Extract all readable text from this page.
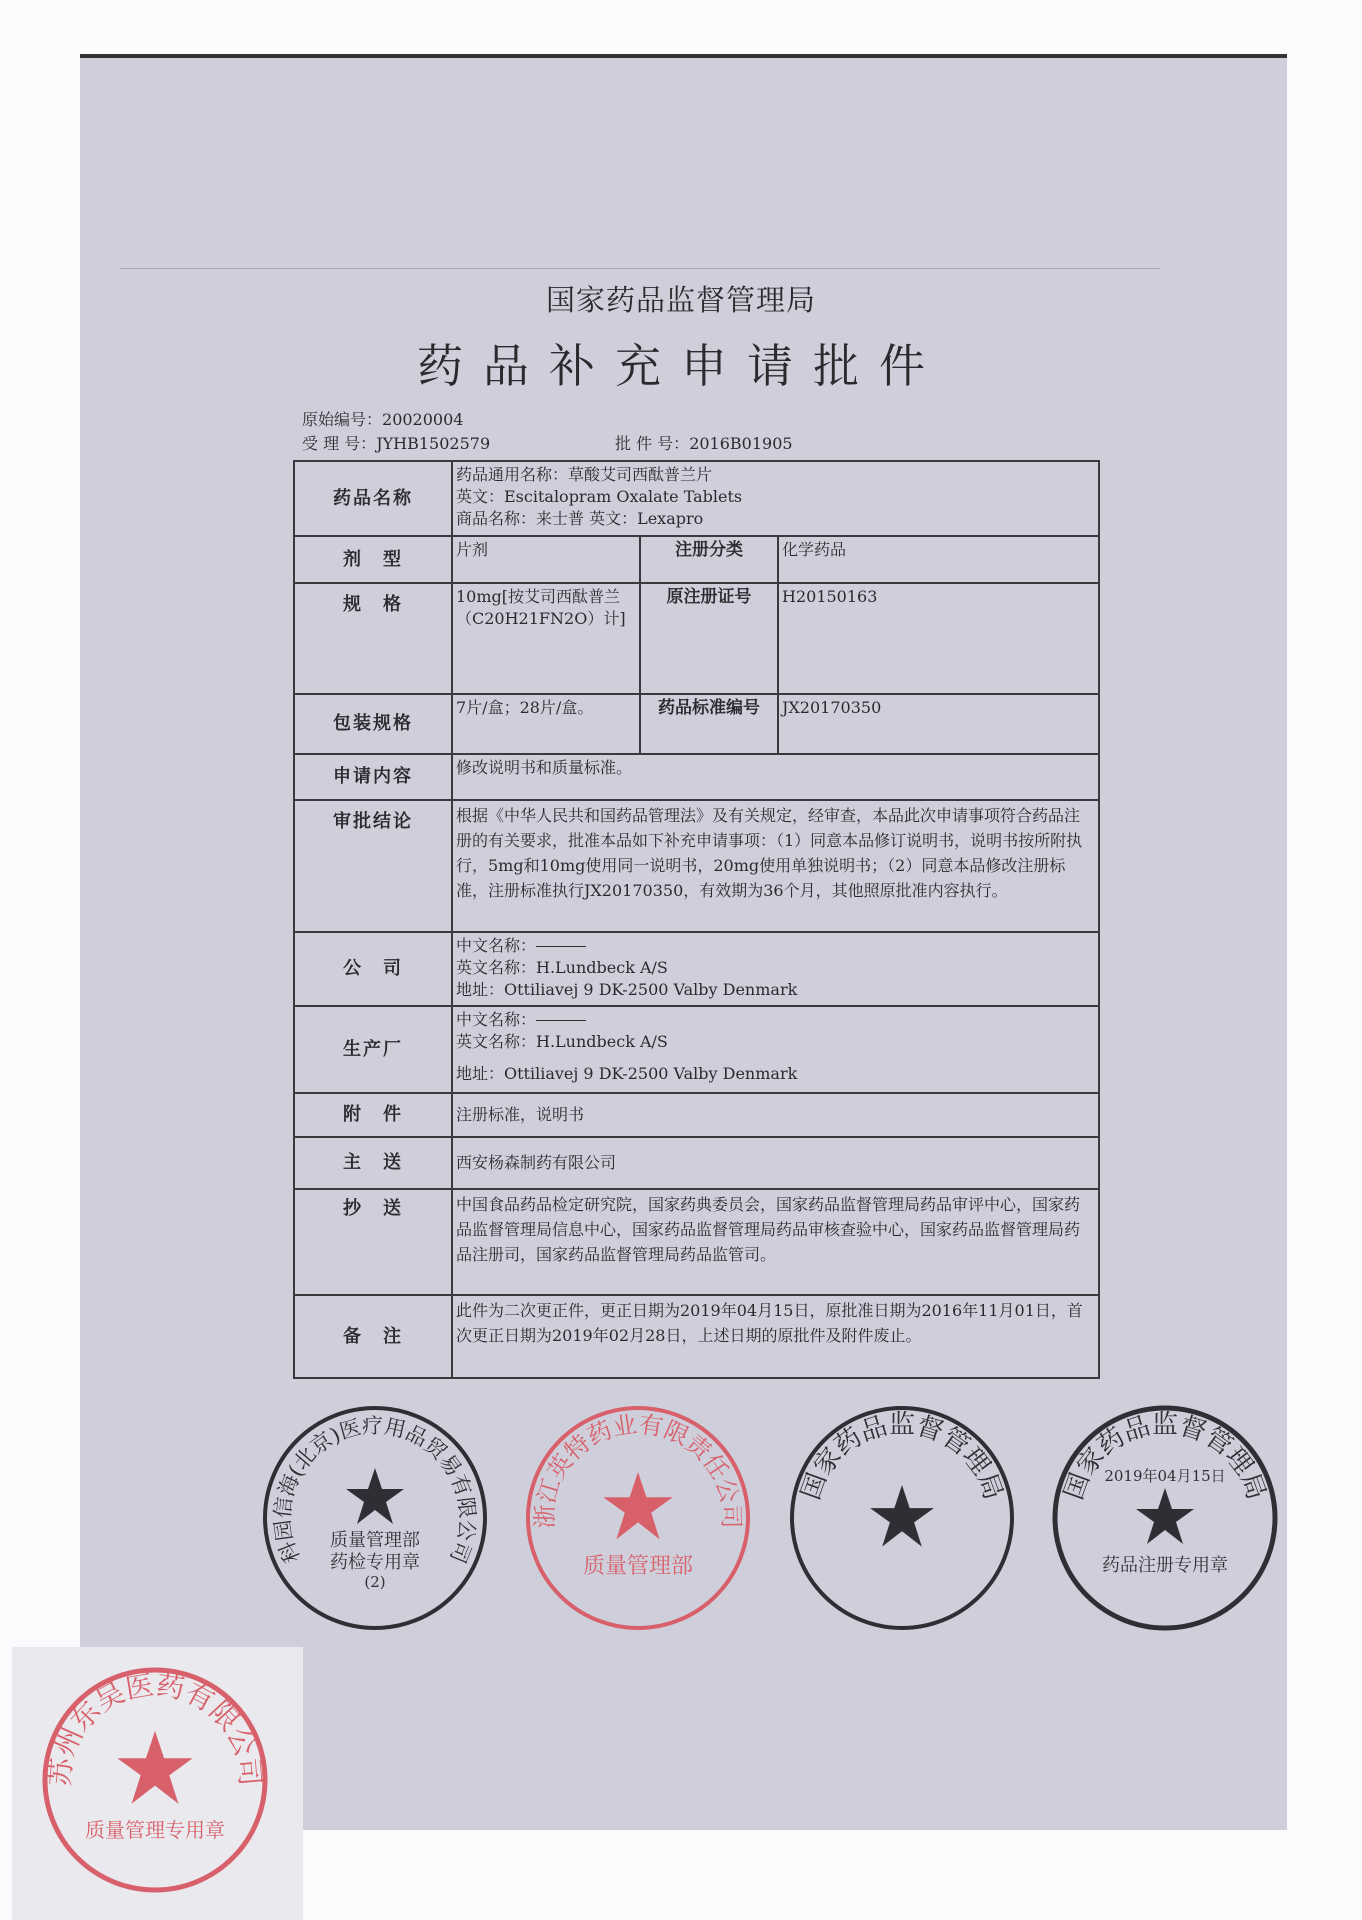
国家药品监督管理局
药品补充申请批件
原始编号：20020004
受 理 号：JYHB1502579	批 件 号：2016B01905
药品名称	药品通用名称：草酸艾司西酞普兰片
英文：Escitalopram Oxalate Tablets
商品名称：来士普 英文：Lexapro		

剂　型	片剂	注册分类	化学药品
规　格	10mg[按艾司西酞普兰（C20H21FN2O）计]	原注册证号	H20150163
包装规格	7片/盒；28片/盒。	药品标准编号	JX20170350
申请内容	修改说明书和质量标准。		
审批结论	根据《中华人民共和国药品管理法》及有关规定，经审查，本品此次申请事项符合药品注册的有关要求，批准本品如下补充申请事项：（1）同意本品修订说明书，说明书按所附执行，5mg和10mg使用同一说明书，20mg使用单独说明书；（2）同意本品修改注册标准，注册标准执行JX20170350，有效期为36个月，其他照原批准内容执行。		
公　司	中文名称：
英文名称：H.Lundbeck A/S
地址：Ottiliavej 9 DK-2500 Valby Denmark		

生产厂	中文名称：
英文名称：H.Lundbeck A/S
地址：Ottiliavej 9 DK-2500 Valby Denmark		

附　件	注册标准，说明书		
主　送	西安杨森制药有限公司		
抄　送	中国食品药品检定研究院，国家药典委员会，国家药品监督管理局药品审评中心，国家药品监督管理局信息中心，国家药品监督管理局药品审核查验中心，国家药品监督管理局药品注册司，国家药品监督管理局药品监管司。		
备　注	此件为二次更正件，更正日期为2019年04月15日，原批准日期为2016年11月01日，首次更正日期为2019年02月28日，上述日期的原批件及附件废止。		
科园信海(北京)医疗用品贸易有限公司
质量管理部
药检专用章
(2)
浙江英特药业有限责任公司
质量管理部
国家药品监督管理局	2019年04月15日
国家药品监督管理局
药品注册专用章
苏州东吴医药有限公司
质量管理专用章
